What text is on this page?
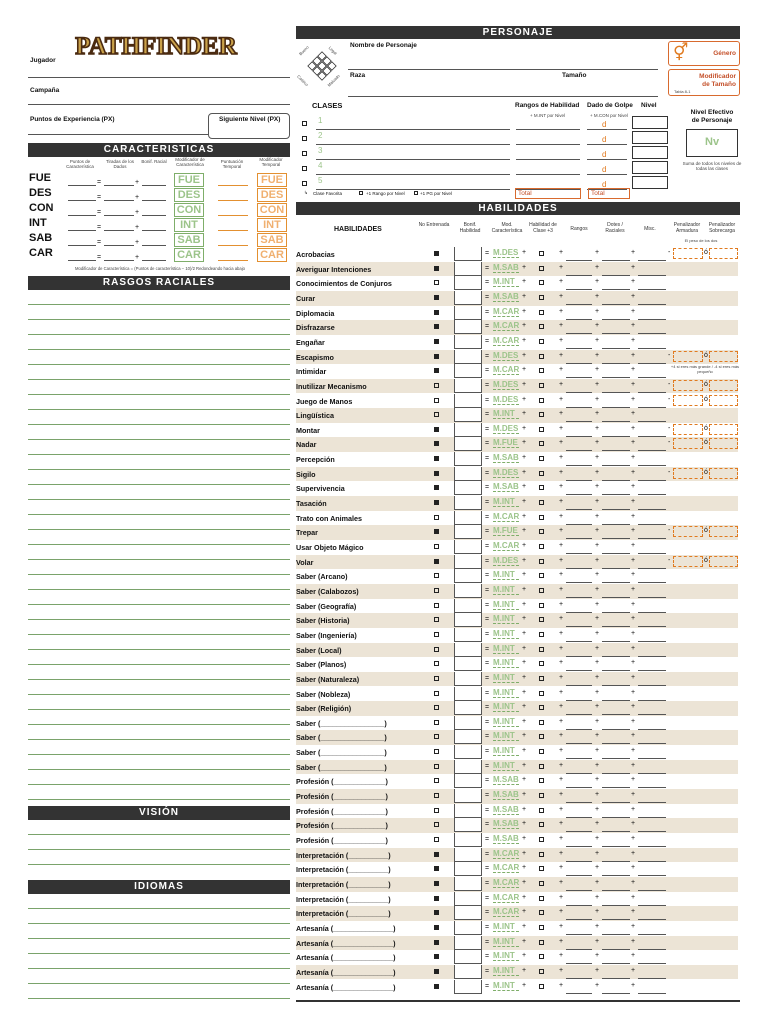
PATHFINDER
Jugador
Campaña
Puntos de Experiencia (PX)	Siguiente Nivel (PX)
CARACTERISTICAS
Puntos de Característica
Tiradas de los Dados
Bonif. Racial	Modificador de Característica
Puntuación Temporal
Modificador Temporal
FUE	=	+	FUE	FUE
DES	=	+	DES	DES
CON	=	+	CON	CON
INT	=	+	INT	INT
SAB	=	+	SAB	SAB
CAR	=	+	CAR	CAR
Modificador de Característica = (Puntos de característica − 10)/2 Redondeando hacia abajo
RASGOS RACIALES
VISIÓN
IDIOMAS
PERSONAJE
Bueno	Legal
Caótico	Malvado
Nombre de Personaje
Raza	Tamaño
⚥	Género
Modificador de Tamaño
Tabla 8-1
CLASES	Rangos de Habilidad
+ M.INT por Nivel
Dado de Golpe
+ M.CON por Nivel
Nivel
1	d
2	d
3	d
4	d
5	d
↳ Clase Favorita	+1 Rango por Nivel	+1 PG por Nivel	Total	Total
Nivel Efectivo de Personaje
Nv
Suma de todos los niveles de todas las clases
HABILIDADES
HABILIDADES
No Entrenada	Bonif. Habilidad
Mod. Característica
Habilidad de Clase +3	Rangos
Dotes / Raciales	Misc.
Penalizador Armadura
Penalizador Sobrecarga
El peso de los dos
+4 si eres más grande / -4 si eres más pequeño
Acrobacias	= M.DES +	+	+	+	-	ó
Averiguar Intenciones	= M.SAB +	+	+	+
Conocimientos de Conjuros	= M.INT	+	+	+	+
Curar	= M.SAB +	+	+	+
Diplomacia	= M.CAR +	+	+	+
Disfrazarse	= M.CAR +	+	+	+
Engañar	= M.CAR +	+	+	+
Escapismo	= M.DES +	+	+	+	-	ó
Intimidar	= M.CAR +	+	+	+
Inutilizar Mecanismo	= M.DES +	+	+	+	-	ó
Juego de Manos	= M.DES +	+	+	+	-	ó
Lingüística	= M.INT	+	+	+	+
Montar	= M.DES +	+	+	+	-	ó
Nadar	= M.FUE +	+	+	+	-	ó
Percepción	= M.SAB +	+	+	+
Sigilo	= M.DES +	+	+	+	-	ó
Supervivencia	= M.SAB +	+	+	+
Tasación	= M.INT	+	+	+	+
Trato con Animales	= M.CAR +	+	+	+
Trepar	= M.FUE +	+	+	+	-	ó
Usar Objeto Mágico	= M.CAR +	+	+	+
Volar	= M.DES +	+	+	+	-	ó
Saber (Arcano)	= M.INT	+	+	+	+
Saber (Calabozos)	= M.INT	+	+	+	+
Saber (Geografía)	= M.INT	+	+	+	+
Saber (Historia)	= M.INT	+	+	+	+
Saber (Ingeniería)	= M.INT	+	+	+	+
Saber (Local)	= M.INT	+	+	+	+
Saber (Planos)	= M.INT	+	+	+	+
Saber (Naturaleza)	= M.INT	+	+	+	+
Saber (Nobleza)	= M.INT	+	+	+	+
Saber (Religión)	= M.INT	+	+	+	+
Saber (________________)	= M.INT	+	+	+	+
Saber (________________)	= M.INT	+	+	+	+
Saber (________________)	= M.INT	+	+	+	+
Saber (________________)	= M.INT	+	+	+	+
Profesión (_____________)	= M.SAB +	+	+	+
Profesión (_____________)	= M.SAB +	+	+	+
Profesión (_____________)	= M.SAB +	+	+	+
Profesión (_____________)	= M.SAB +	+	+	+
Profesión (_____________)	= M.SAB +	+	+	+
Interpretación (__________)	= M.CAR +	+	+	+
Interpretación (__________)	= M.CAR +	+	+	+
Interpretación (__________)	= M.CAR +	+	+	+
Interpretación (__________)	= M.CAR +	+	+	+
Interpretación (__________)	= M.CAR +	+	+	+
Artesanía (_______________)	= M.INT	+	+	+	+
Artesanía (_______________)	= M.INT	+	+	+	+
Artesanía (_______________)	= M.INT	+	+	+	+
Artesanía (_______________)	= M.INT	+	+	+	+
Artesanía (_______________)	= M.INT	+	+	+	+
